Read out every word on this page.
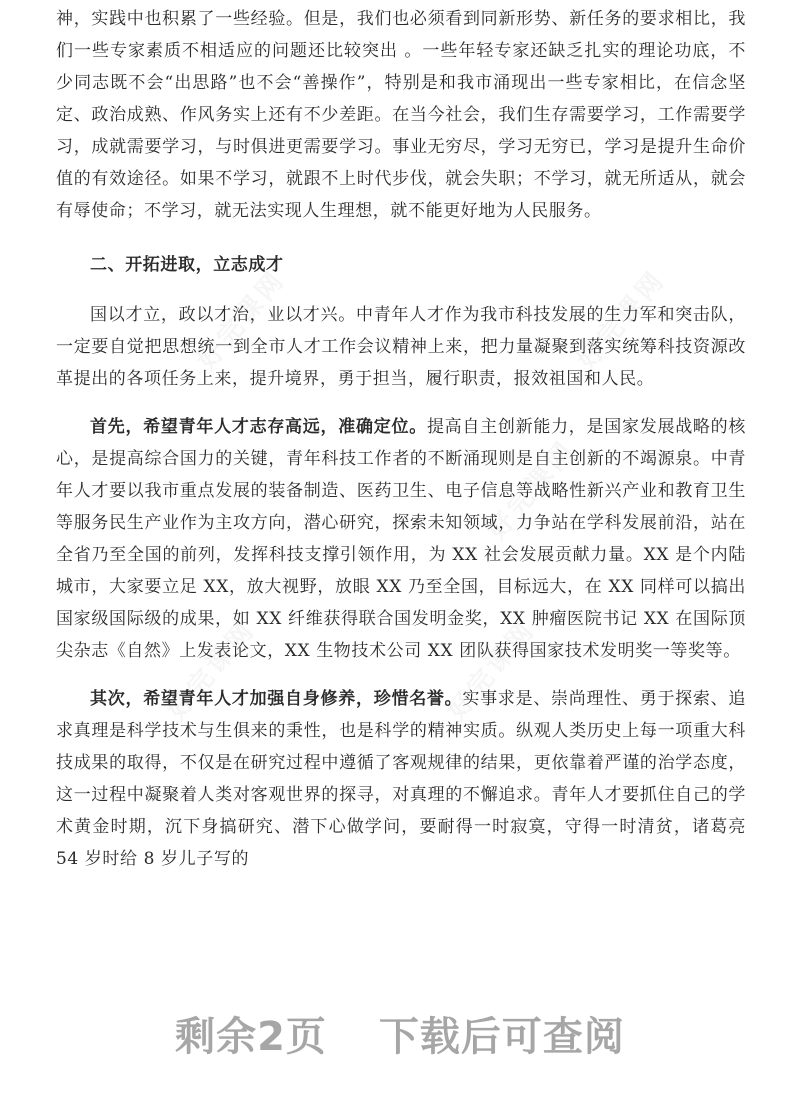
好完课网	好完课网
好完课网
好完课网
好完课网

神，实践中也积累了一些经验。但是，我们也必须看到同新形势、新任务的要求相比，我们一些专家素质不相适应的问题还比较突出 。一些年轻专家还缺乏扎实的理论功底，不少同志既不会“出思路”也不会“善操作”，特别是和我市涌现出一些专家相比，在信念坚定、政治成熟、作风务实上还有不少差距。在当今社会，我们生存需要学习，工作需要学习，成就需要学习，与时俱进更需要学习。事业无穷尽，学习无穷已，学习是提升生命价值的有效途径。如果不学习，就跟不上时代步伐，就会失职；不学习，就无所适从，就会有辱使命；不学习，就无法实现人生理想，就不能更好地为人民服务。

二、开拓进取，立志成才

国以才立，政以才治，业以才兴。中青年人才作为我市科技发展的生力军和突击队，一定要自觉把思想统一到全市人才工作会议精神上来，把力量凝聚到落实统筹科技资源改革提出的各项任务上来，提升境界，勇于担当，履行职责，报效祖国和人民。

首先，希望青年人才志存高远，准确定位。提高自主创新能力，是国家发展战略的核心，是提高综合国力的关键，青年科技工作者的不断涌现则是自主创新的不竭源泉。中青年人才要以我市重点发展的装备制造、医药卫生、电子信息等战略性新兴产业和教育卫生等服务民生产业作为主攻方向，潜心研究，探索未知领域，力争站在学科发展前沿，站在全省乃至全国的前列，发挥科技支撑引领作用，为 XX 社会发展贡献力量。XX 是个内陆城市，大家要立足 XX，放大视野，放眼 XX 乃至全国，目标远大，在 XX 同样可以搞出国家级国际级的成果，如 XX 纤维获得联合国发明金奖，XX 肿瘤医院书记 XX 在国际顶尖杂志《自然》上发表论文，XX 生物技术公司 XX 团队获得国家技术发明奖一等奖等。

其次，希望青年人才加强自身修养，珍惜名誉。实事求是、崇尚理性、勇于探索、追求真理是科学技术与生俱来的秉性，也是科学的精神实质。纵观人类历史上每一项重大科技成果的取得，不仅是在研究过程中遵循了客观规律的结果，更依靠着严谨的治学态度，这一过程中凝聚着人类对客观世界的探寻，对真理的不懈追求。青年人才要抓住自己的学术黄金时期，沉下身搞研究、潜下心做学问，要耐得一时寂寞，守得一时清贫，诸葛亮 54 岁时给 8 岁儿子写的

剩余2页 下载后可查阅
